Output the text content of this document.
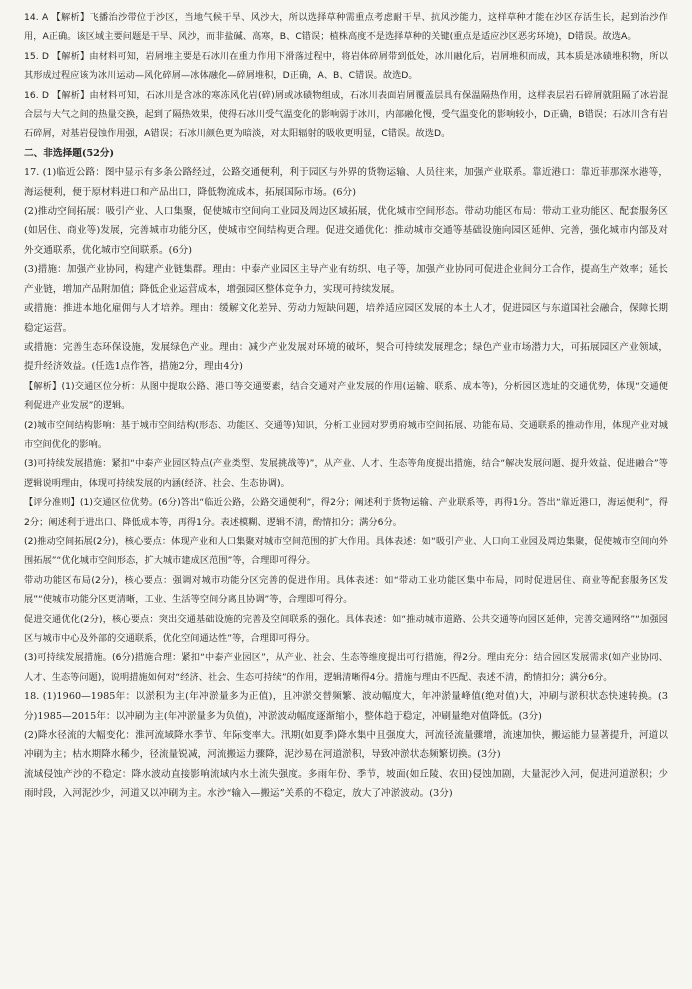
14. A 【解析】飞播治沙带位于沙区，当地气候干旱、风沙大，所以选择草种需重点考虑耐干旱、抗风沙能力，这样草种才能在沙区存活生长，起到治沙作用，A正确。该区域主要问题是干旱、风沙，而非盐碱、高寒，B、C错误；植株高度不是选择草种的关键(重点是适应沙区恶劣环境)，D错误。故选A。

15. D 【解析】由材料可知，岩屑堆主要是石冰川在重力作用下滑落过程中，将岩体碎屑带到低处，冰川融化后，岩屑堆积而成，其本质是冰碛堆积物，所以其形成过程应该为冰川运动—风化碎屑—冰体融化—碎屑堆积，D正确，A、B、C错误。故选D。

16. D 【解析】由材料可知，石冰川是含冰的寒冻风化岩(碎)屑或冰碛物组成，石冰川表面岩屑覆盖层具有保温隔热作用，这样表层岩石碎屑就阻隔了冰岩混合层与大气之间的热量交换，起到了隔热效果，使得石冰川受气温变化的影响弱于冰川，内部融化慢，受气温变化的影响较小，D正确，B错误；石冰川含有岩石碎屑，对基岩侵蚀作用强，A错误；石冰川颜色更为暗淡，对太阳辐射的吸收更明显，C错误。故选D。

二、非选择题(52分)

17. (1)临近公路：图中显示有多条公路经过，公路交通便利，利于园区与外界的货物运输、人员往来，加强产业联系。靠近港口：靠近菲那深水港等，海运便利，便于原材料进口和产品出口，降低物流成本，拓展国际市场。(6分)

(2)推动空间拓展：吸引产业、人口集聚，促使城市空间向工业园及周边区域拓展，优化城市空间形态。带动功能区布局：带动工业功能区、配套服务区(如居住、商业等)发展，完善城市功能分区，使城市空间结构更合理。促进交通优化：推动城市交通等基础设施向园区延伸、完善，强化城市内部及对外交通联系，优化城市空间联系。(6分)

(3)措施：加强产业协同，构建产业链集群。理由：中泰产业园区主导产业有纺织、电子等，加强产业协同可促进企业间分工合作，提高生产效率；延长产业链，增加产品附加值；降低企业运营成本，增强园区整体竞争力，实现可持续发展。

或措施：推进本地化雇佣与人才培养。理由：缓解文化差异、劳动力短缺问题，培养适应园区发展的本土人才，促进园区与东道国社会融合，保障长期稳定运营。

或措施：完善生态环保设施，发展绿色产业。理由：减少产业发展对环境的破坏，契合可持续发展理念；绿色产业市场潜力大，可拓展园区产业领域，提升经济效益。(任选1点作答，措施2分，理由4分)

【解析】(1)交通区位分析：从图中提取公路、港口等交通要素，结合交通对产业发展的作用(运输、联系、成本等)，分析园区选址的交通优势，体现“交通便利促进产业发展”的逻辑。

(2)城市空间结构影响：基于城市空间结构(形态、功能区、交通等)知识，分析工业园对罗勇府城市空间拓展、功能布局、交通联系的推动作用，体现产业对城市空间优化的影响。

(3)可持续发展措施：紧扣“中泰产业园区特点(产业类型、发展挑战等)”，从产业、人才、生态等角度提出措施，结合“解决发展问题、提升效益、促进融合”等逻辑说明理由，体现可持续发展的内涵(经济、社会、生态协调)。

【评分准则】(1)交通区位优势。(6分)答出“临近公路，公路交通便利”，得2分；阐述利于货物运输、产业联系等，再得1分。答出“靠近港口，海运便利”，得2分；阐述利于进出口、降低成本等，再得1分。表述模糊、逻辑不清，酌情扣分；满分6分。

(2)推动空间拓展(2分)，核心要点：体现产业和人口集聚对城市空间范围的扩大作用。具体表述：如“吸引产业、人口向工业园及周边集聚，促使城市空间向外围拓展”“优化城市空间形态，扩大城市建成区范围”等，合理即可得分。

带动功能区布局(2分)，核心要点：强调对城市功能分区完善的促进作用。具体表述：如“带动工业功能区集中布局，同时促进居住、商业等配套服务区发展”“使城市功能分区更清晰，工业、生活等空间分离且协调”等，合理即可得分。

促进交通优化(2分)，核心要点：突出交通基础设施的完善及空间联系的强化。具体表述：如“推动城市道路、公共交通等向园区延伸，完善交通网络”“加强园区与城市中心及外部的交通联系，优化空间通达性”等，合理即可得分。

(3)可持续发展措施。(6分)措施合理：紧扣“中泰产业园区”，从产业、社会、生态等维度提出可行措施，得2分。理由充分：结合园区发展需求(如产业协同、人才、生态等问题)，说明措施如何对“经济、社会、生态可持续”的作用，逻辑清晰得4分。措施与理由不匹配、表述不清，酌情扣分；满分6分。

18. (1)1960—1985年：以淤积为主(年冲淤量多为正值)，且冲淤交替频繁、波动幅度大，年冲淤量峰值(绝对值)大，冲刷与淤积状态快速转换。(3分)1985—2015年：以冲刷为主(年冲淤量多为负值)，冲淤波动幅度逐渐缩小，整体趋于稳定，冲刷量绝对值降低。(3分)

(2)降水径流的大幅变化：淮河流域降水季节、年际变率大。汛期(如夏季)降水集中且强度大，河流径流量骤增，流速加快，搬运能力显著提升，河道以冲刷为主；枯水期降水稀少，径流量锐减，河流搬运力骤降，泥沙易在河道淤积，导致冲淤状态频繁切换。(3分)

流域侵蚀产沙的不稳定：降水波动直接影响流域内水土流失强度。多雨年份、季节，坡面(如丘陵、农田)侵蚀加剧，大量泥沙入河，促进河道淤积；少雨时段，入河泥沙少，河道又以冲刷为主。水沙“输入—搬运”关系的不稳定，放大了冲淤波动。(3分)
